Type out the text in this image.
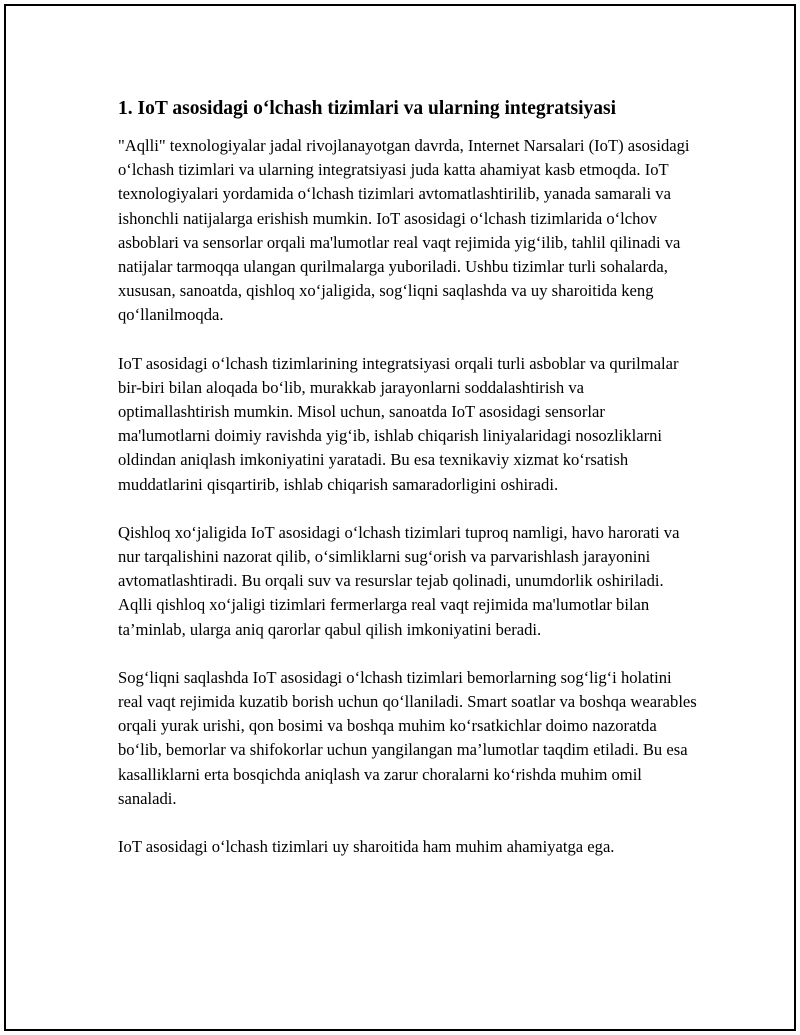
1. IoT asosidagi o‘lchash tizimlari va ularning integratsiyasi

"Aqlli" texnologiyalar jadal rivojlanayotgan davrda, Internet Narsalari (IoT) asosidagi o‘lchash tizimlari va ularning integratsiyasi juda katta ahamiyat kasb etmoqda. IoT texnologiyalari yordamida o‘lchash tizimlari avtomatlashtirilib, yanada samarali va ishonchli natijalarga erishish mumkin. IoT asosidagi o‘lchash tizimlarida o‘lchov asboblari va sensorlar orqali ma'lumotlar real vaqt rejimida yig‘ilib, tahlil qilinadi va natijalar tarmoqqa ulangan qurilmalarga yuboriladi. Ushbu tizimlar turli sohalarda, xususan, sanoatda, qishloq xo‘jaligida, sog‘liqni saqlashda va uy sharoitida keng qo‘llanilmoqda.

IoT asosidagi o‘lchash tizimlarining integratsiyasi orqali turli asboblar va qurilmalar bir-biri bilan aloqada bo‘lib, murakkab jarayonlarni soddalashtirish va optimallashtirish mumkin. Misol uchun, sanoatda IoT asosidagi sensorlar ma'lumotlarni doimiy ravishda yig‘ib, ishlab chiqarish liniyalaridagi nosozliklarni oldindan aniqlash imkoniyatini yaratadi. Bu esa texnikaviy xizmat ko‘rsatish muddatlarini qisqartirib, ishlab chiqarish samaradorligini oshiradi.

Qishloq xo‘jaligida IoT asosidagi o‘lchash tizimlari tuproq namligi, havo harorati va nur tarqalishini nazorat qilib, o‘simliklarni sug‘orish va parvarishlash jarayonini avtomatlashtiradi. Bu orqali suv va resurslar tejab qolinadi, unumdorlik oshiriladi. Aqlli qishloq xo‘jaligi tizimlari fermerlarga real vaqt rejimida ma'lumotlar bilan ta’minlab, ularga aniq qarorlar qabul qilish imkoniyatini beradi.

Sog‘liqni saqlashda IoT asosidagi o‘lchash tizimlari bemorlarning sog‘lig‘i holatini real vaqt rejimida kuzatib borish uchun qo‘llaniladi. Smart soatlar va boshqa wearables orqali yurak urishi, qon bosimi va boshqa muhim ko‘rsatkichlar doimo nazoratda bo‘lib, bemorlar va shifokorlar uchun yangilangan ma’lumotlar taqdim etiladi. Bu esa kasalliklarni erta bosqichda aniqlash va zarur choralarni ko‘rishda muhim omil sanaladi.

IoT asosidagi o‘lchash tizimlari uy sharoitida ham muhim ahamiyatga ega.
